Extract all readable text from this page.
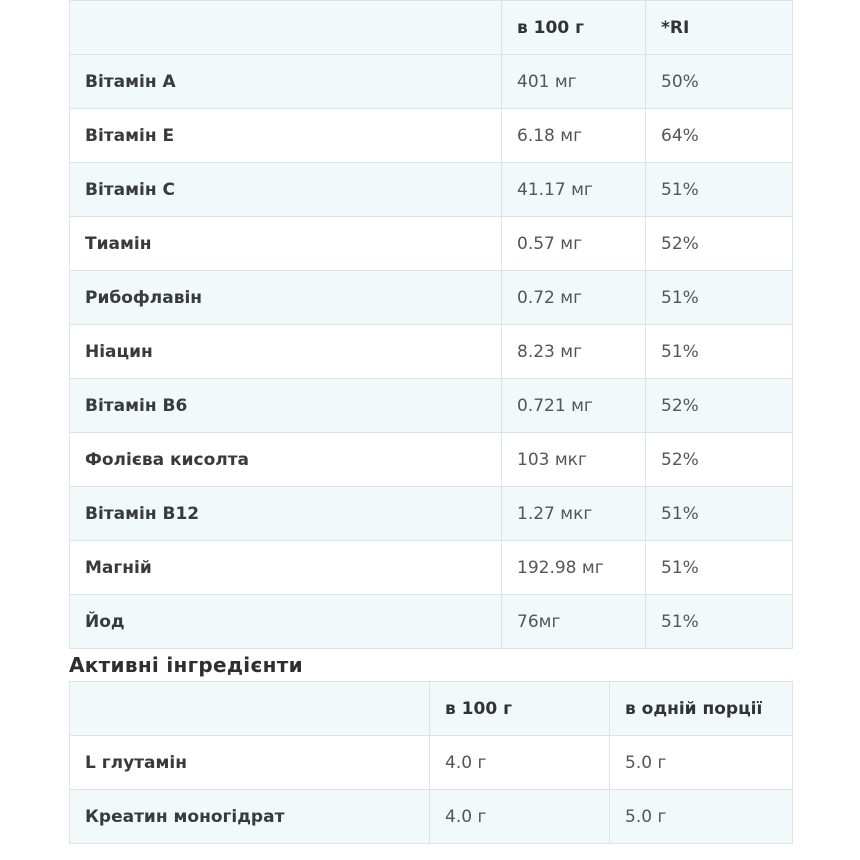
	в 100 г	*RI
Вітамін А	401 мг	50%
Вітамін Е	6.18 мг	64%
Вітамін С	41.17 мг	51%
Тиамін	0.57 мг	52%
Рибофлавін	0.72 мг	51%
Ніацин	8.23 мг	51%
Вітамін В6	0.721 мг	52%
Фолієва кисолта	103 мкг	52%
Вітамін В12	1.27 мкг	51%
Магній	192.98 мг	51%
Йод	76мг	51%
Активні інгредієнти
	в 100 г	в одній порції
L глутамін	4.0 г	5.0 г
Креатин моногідрат	4.0 г	5.0 г
